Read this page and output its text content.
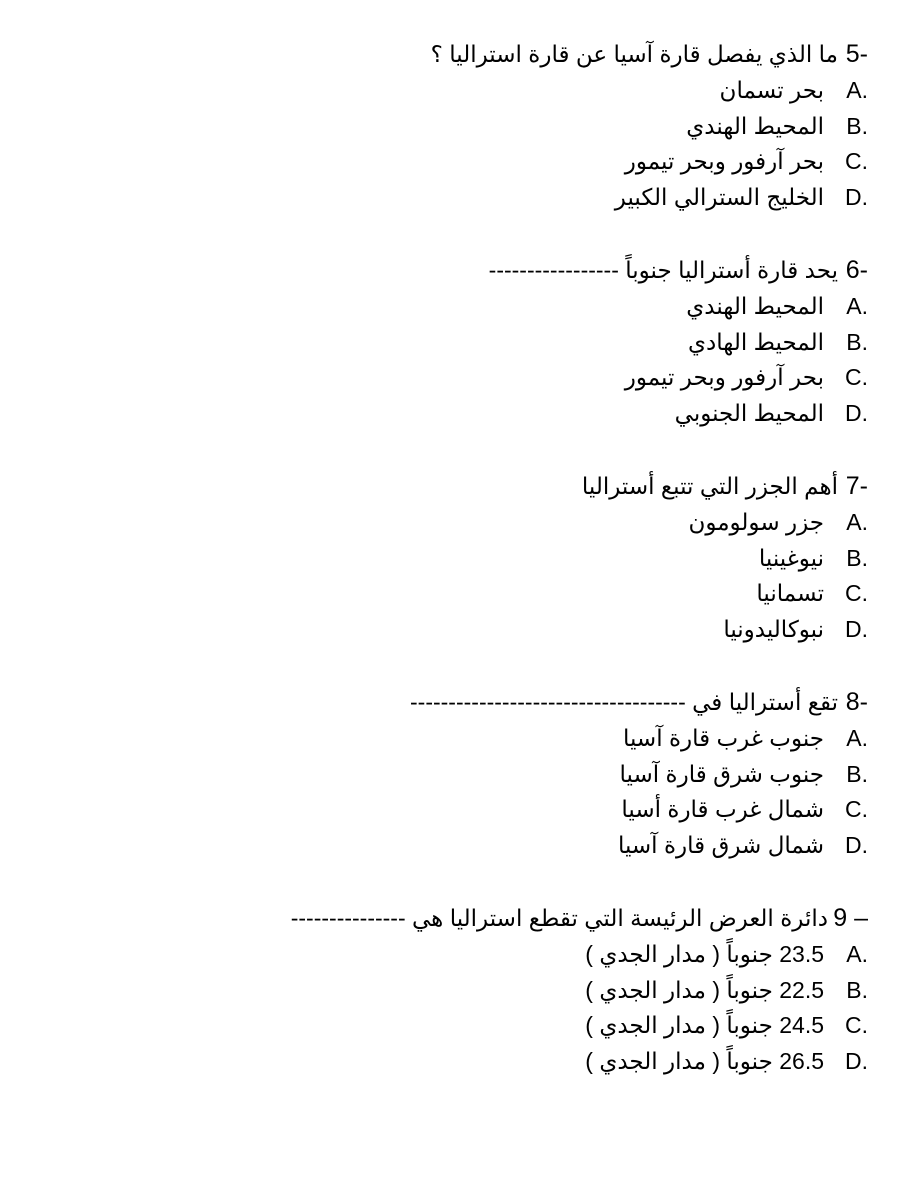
5-
ما الذي يفصل قارة آسيا عن قارة استراليا ؟
A.
بحر تسمان
B.
المحيط الهندي
C.
بحر آرفور وبحر تيمور
D.
الخليج السترالي الكبير
6-
يحد قارة أستراليا جنوباً -----------------
A.
المحيط الهندي
B.
المحيط الهادي
C.
بحر آرفور وبحر تيمور
D.
المحيط الجنوبي
7-
أهم الجزر التي تتبع أستراليا
A.
جزر سولومون
B.
نيوغينيا
C.
تسمانيا
D.
نبوكاليدونيا
8-
تقع أستراليا في ------------------------------------
A.
جنوب غرب قارة آسيا
B.
جنوب شرق قارة آسيا
C.
شمال غرب قارة أسيا
D.
شمال شرق قارة آسيا
9 –
دائرة العرض الرئيسة التي تقطع استراليا هي ---------------
A.
23.5 جنوباً ( مدار الجدي )
B.
22.5 جنوباً ( مدار الجدي )
C.
24.5 جنوباً ( مدار الجدي )
D.
26.5 جنوباً ( مدار الجدي )
